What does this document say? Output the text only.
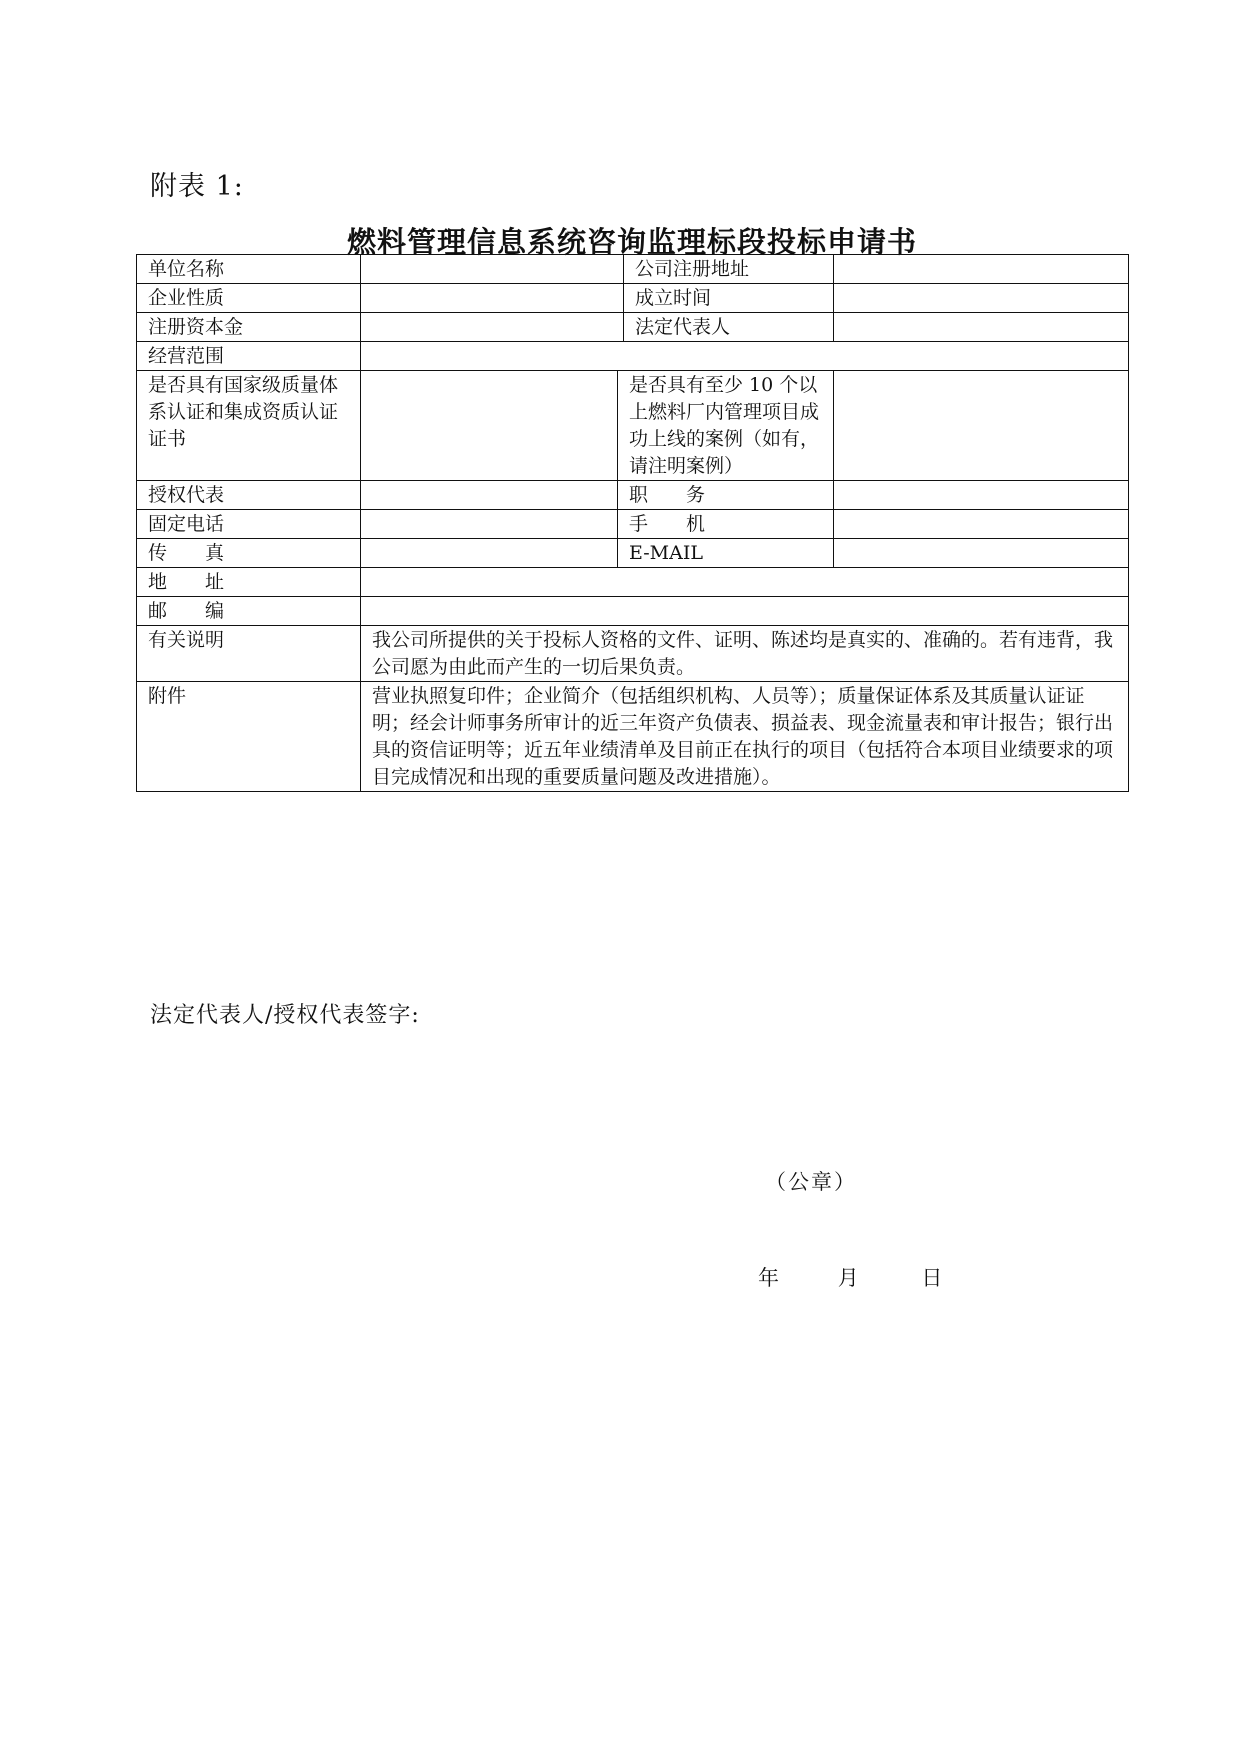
附表 1:
燃料管理信息系统咨询监理标段投标申请书
单位名称			公司注册地址	
企业性质			成立时间	
注册资本金			法定代表人	
经营范围				
是否具有国家级质量体系认证和集成资质认证证书		是否具有至少 10 个以上燃料厂内管理项目成功上线的案例（如有，请注明案例）		
授权代表		职　　务		
固定电话		手　　机		
传　　真		E-MAIL		
地　　址				
邮　　编				
有关说明	我公司所提供的关于投标人资格的文件、证明、陈述均是真实的、准确的。若有违背，我公司愿为由此而产生的一切后果负责。			
附件	营业执照复印件；企业简介（包括组织机构、人员等）；质量保证体系及其质量认证证明；经会计师事务所审计的近三年资产负债表、损益表、现金流量表和审计报告；银行出具的资信证明等；近五年业绩清单及目前正在执行的项目（包括符合本项目业绩要求的项目完成情况和出现的重要质量问题及改进措施）。			
法定代表人/授权代表签字:
（公章）
年	月	日
